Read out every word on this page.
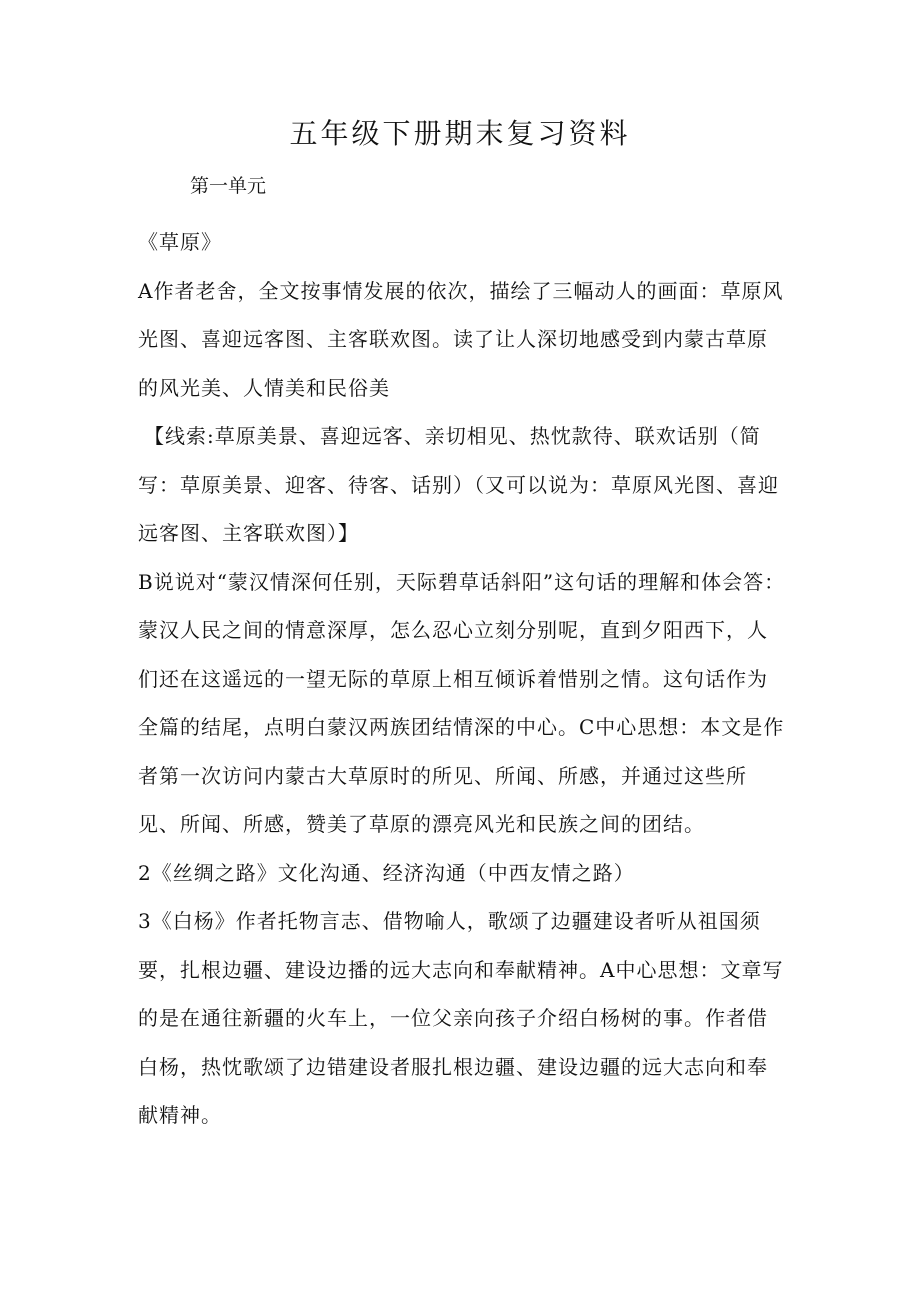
五年级下册期末复习资料
第一单元

《草原》

A作者老舍，全文按事情发展的依次，描绘了三幅动人的画面：草原风光图、喜迎远客图、主客联欢图。读了让人深切地感受到内蒙古草原的风光美、人情美和民俗美

【线索:草原美景、喜迎远客、亲切相见、热忱款待、联欢话别（简写：草原美景、迎客、待客、话别）（又可以说为：草原风光图、喜迎远客图、主客联欢图）】

B说说对“蒙汉情深何任别，天际碧草话斜阳”这句话的理解和体会答：蒙汉人民之间的情意深厚，怎么忍心立刻分别呢，直到夕阳西下，人们还在这遥远的一望无际的草原上相互倾诉着惜别之情。这句话作为全篇的结尾，点明白蒙汉两族团结情深的中心。C中心思想：本文是作者第一次访问内蒙古大草原时的所见、所闻、所感，并通过这些所见、所闻、所感，赞美了草原的漂亮风光和民族之间的团结。

2《丝绸之路》文化沟通、经济沟通（中西友情之路）

3《白杨》作者托物言志、借物喻人，歌颂了边疆建设者听从祖国须要，扎根边疆、建设边播的远大志向和奉献精神。A中心思想：文章写的是在通往新疆的火车上，一位父亲向孩子介绍白杨树的事。作者借白杨，热忱歌颂了边错建设者服扎根边疆、建设边疆的远大志向和奉献精神。
